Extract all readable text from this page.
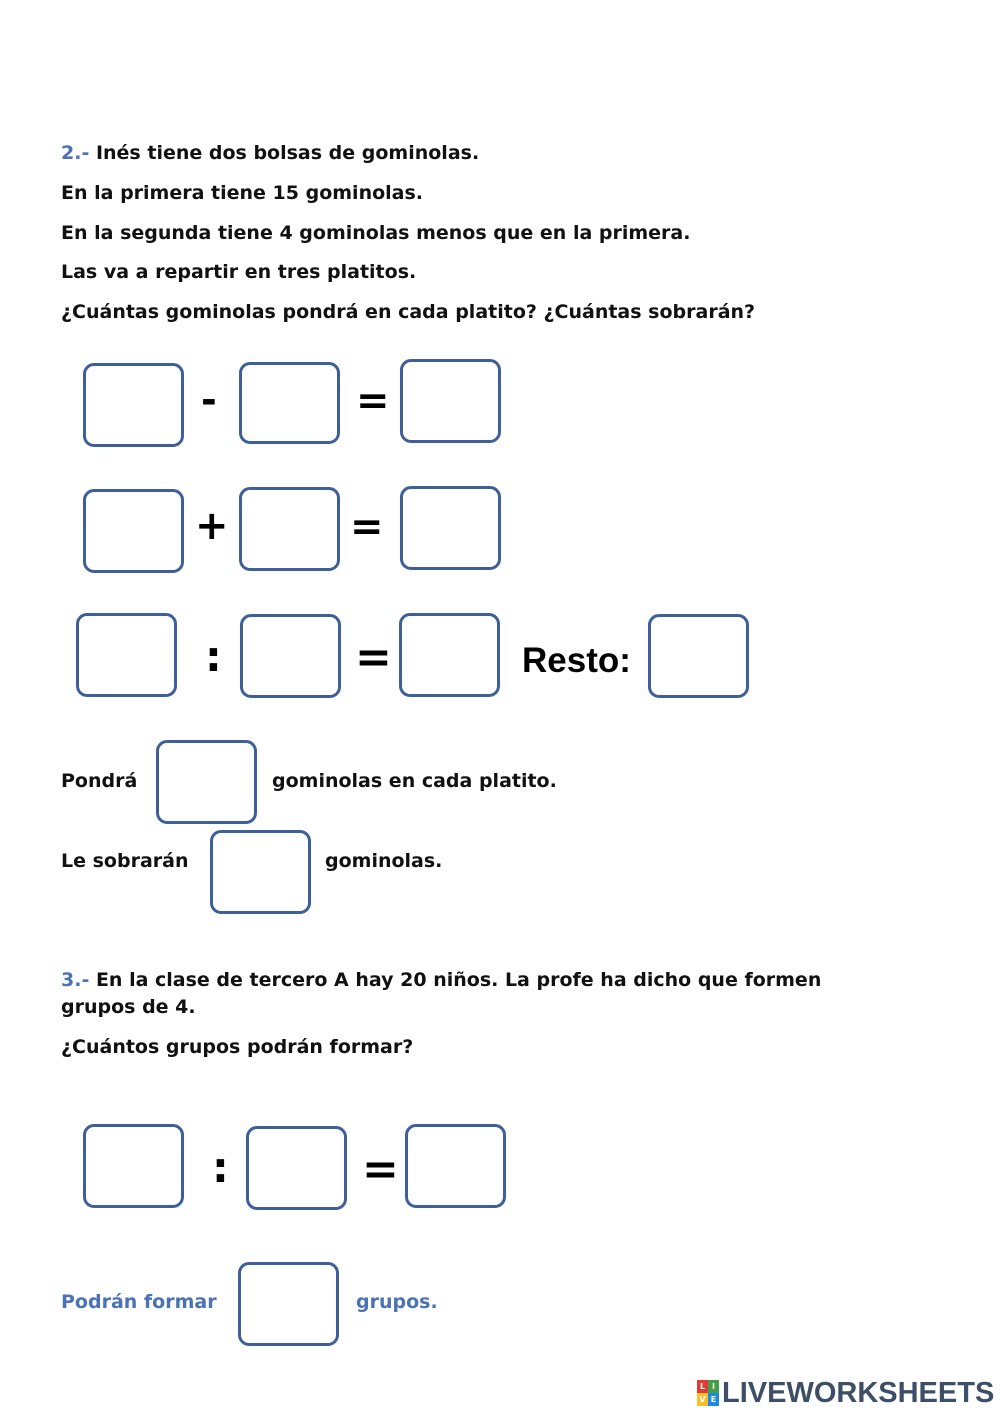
2.- Inés tiene dos bolsas de gominolas.
En la primera tiene 15 gominolas.
En la segunda tiene 4 gominolas menos que en la primera.
Las va a repartir en tres platitos.
¿Cuántas gominolas pondrá en cada platito? ¿Cuántas sobrarán?
-	=
+	=
:	=	Resto:
Pondrá	gominolas en cada platito.
Le sobrarán	gominolas.
3.- En la clase de tercero A hay 20 niños. La profe ha dicho que formen
grupos de 4.
¿Cuántos grupos podrán formar?
:	=
Podrán formar	grupos.
L I
V E LIVEWORKSHEETS
